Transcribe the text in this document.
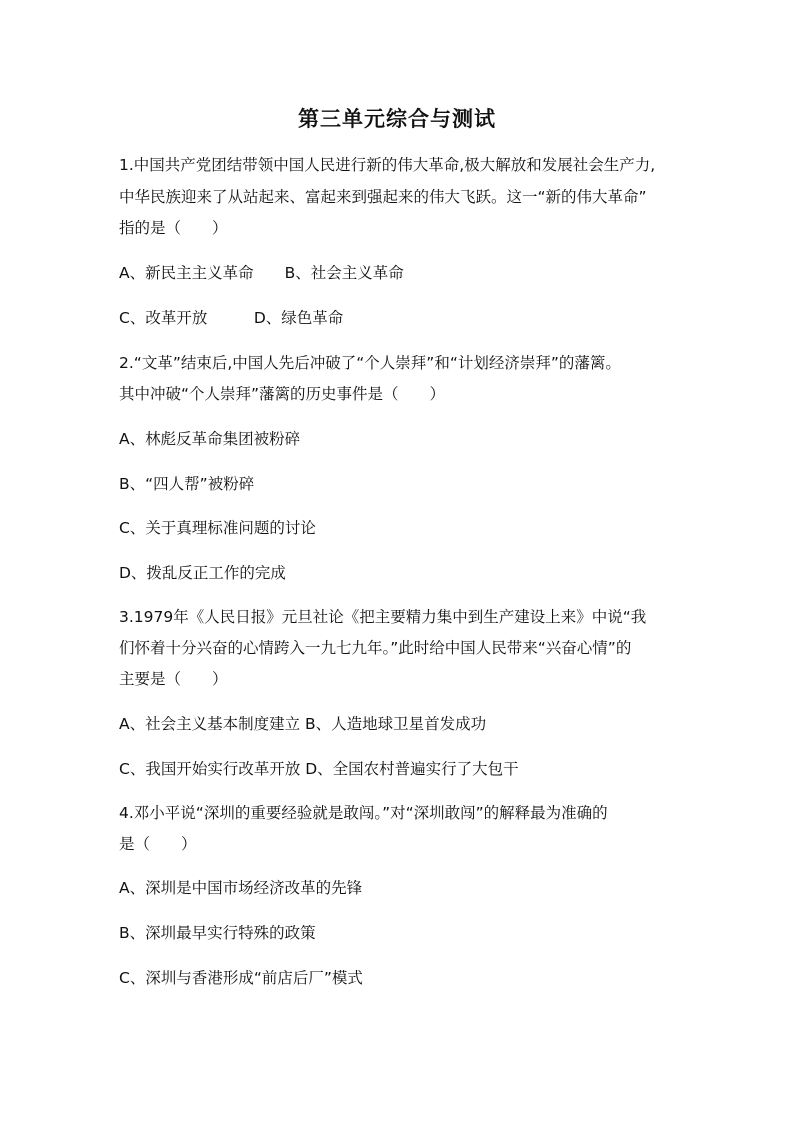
第三单元综合与测试
1.中国共产党团结带领中国人民进行新的伟大革命,极大解放和发展社会生产力,
中华民族迎来了从站起来、富起来到强起来的伟大飞跃。这一“新的伟大革命”
指的是（　　）
A、新民主主义革命　　B、社会主义革命
C、改革开放　　　D、绿色革命
2.“文革”结束后,中国人先后冲破了“个人崇拜”和“计划经济崇拜”的藩篱。
其中冲破“个人崇拜”藩篱的历史事件是（　　）
A、林彪反革命集团被粉碎
B、“四人帮”被粉碎
C、关于真理标准问题的讨论
D、拨乱反正工作的完成
3.1979年《人民日报》元旦社论《把主要精力集中到生产建设上来》中说“我
们怀着十分兴奋的心情跨入一九七九年。”此时给中国人民带来“兴奋心情”的
主要是（　　）
A、社会主义基本制度建立 B、人造地球卫星首发成功
C、我国开始实行改革开放 D、全国农村普遍实行了大包干
4.邓小平说“深圳的重要经验就是敢闯。”对“深圳敢闯”的解释最为准确的
是（　　）
A、深圳是中国市场经济改革的先锋
B、深圳最早实行特殊的政策
C、深圳与香港形成“前店后厂”模式
